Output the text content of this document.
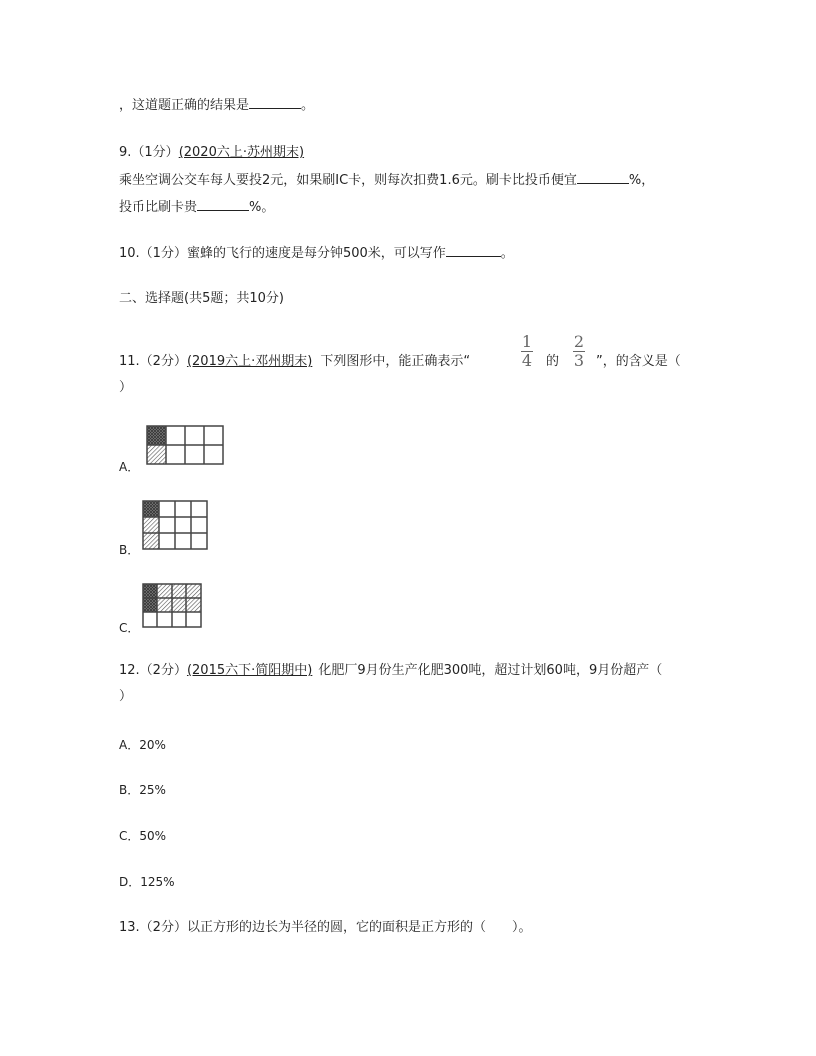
，这道题正确的结果是	。
9.（1分）(2020六上·苏州期末)
乘坐空调公交车每人要投2元，如果刷IC卡，则每次扣费1.6元。刷卡比投币便宜	%，
投币比刷卡贵	%。
10.（1分）蜜蜂的飞行的速度是每分钟500米，可以写作	。
二、选择题(共5题；共10分)
11.（2分）(2019六上·邓州期末) 下列图形中，能正确表示“
1
4 的
2
3 ”，的含义是（
）
A．
B．
C．
12.（2分）(2015六下·简阳期中) 化肥厂9月份生产化肥300吨，超过计划60吨，9月份超产（
）
A．20%
B．25%
C．50%
D．125%
13.（2分）以正方形的边长为半径的圆，它的面积是正方形的（　　）。
